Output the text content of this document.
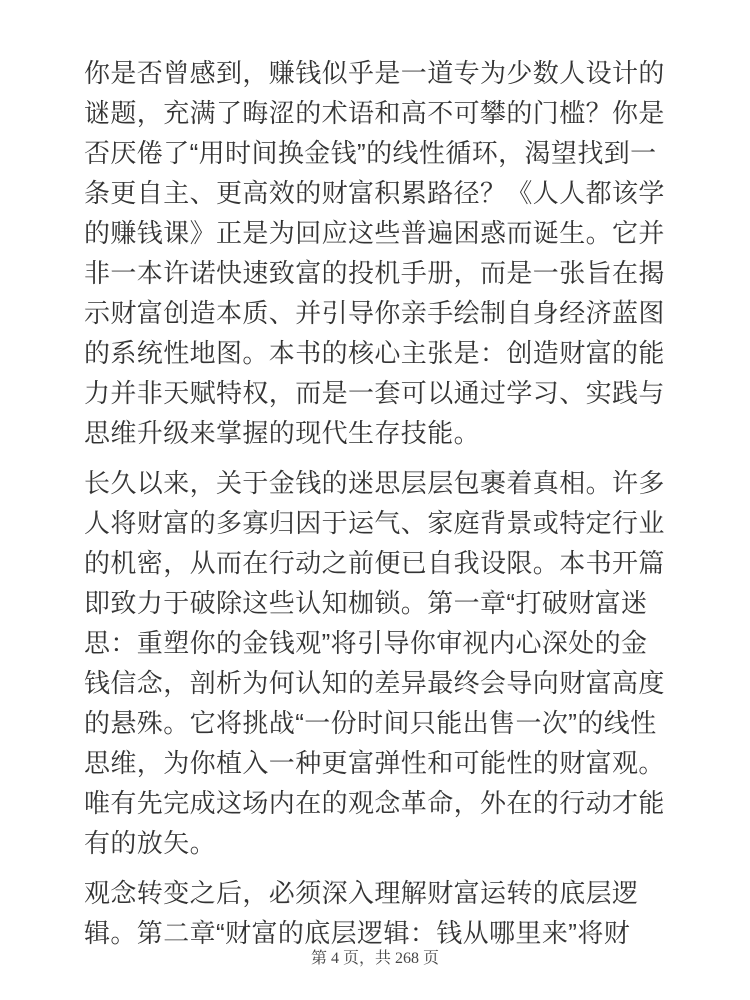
你是否曾感到，赚钱似乎是一道专为少数人设计的谜题，充满了晦涩的术语和高不可攀的门槛？你是否厌倦了“用时间换金钱”的线性循环，渴望找到一条更自主、更高效的财富积累路径？《人人都该学的赚钱课》正是为回应这些普遍困惑而诞生。它并非一本许诺快速致富的投机手册，而是一张旨在揭示财富创造本质、并引导你亲手绘制自身经济蓝图的系统性地图。本书的核心主张是：创造财富的能力并非天赋特权，而是一套可以通过学习、实践与思维升级来掌握的现代生存技能。

长久以来，关于金钱的迷思层层包裹着真相。许多人将财富的多寡归因于运气、家庭背景或特定行业的机密，从而在行动之前便已自我设限。本书开篇即致力于破除这些认知枷锁。第一章“打破财富迷思：重塑你的金钱观”将引导你审视内心深处的金钱信念，剖析为何认知的差异最终会导向财富高度的悬殊。它将挑战“一份时间只能出售一次”的线性思维，为你植入一种更富弹性和可能性的财富观。唯有先完成这场内在的观念革命，外在的行动才能有的放矢。

观念转变之后，必须深入理解财富运转的底层逻辑。第二章“财富的底层逻辑：钱从哪里来”将财

第 4 页，共 268 页
